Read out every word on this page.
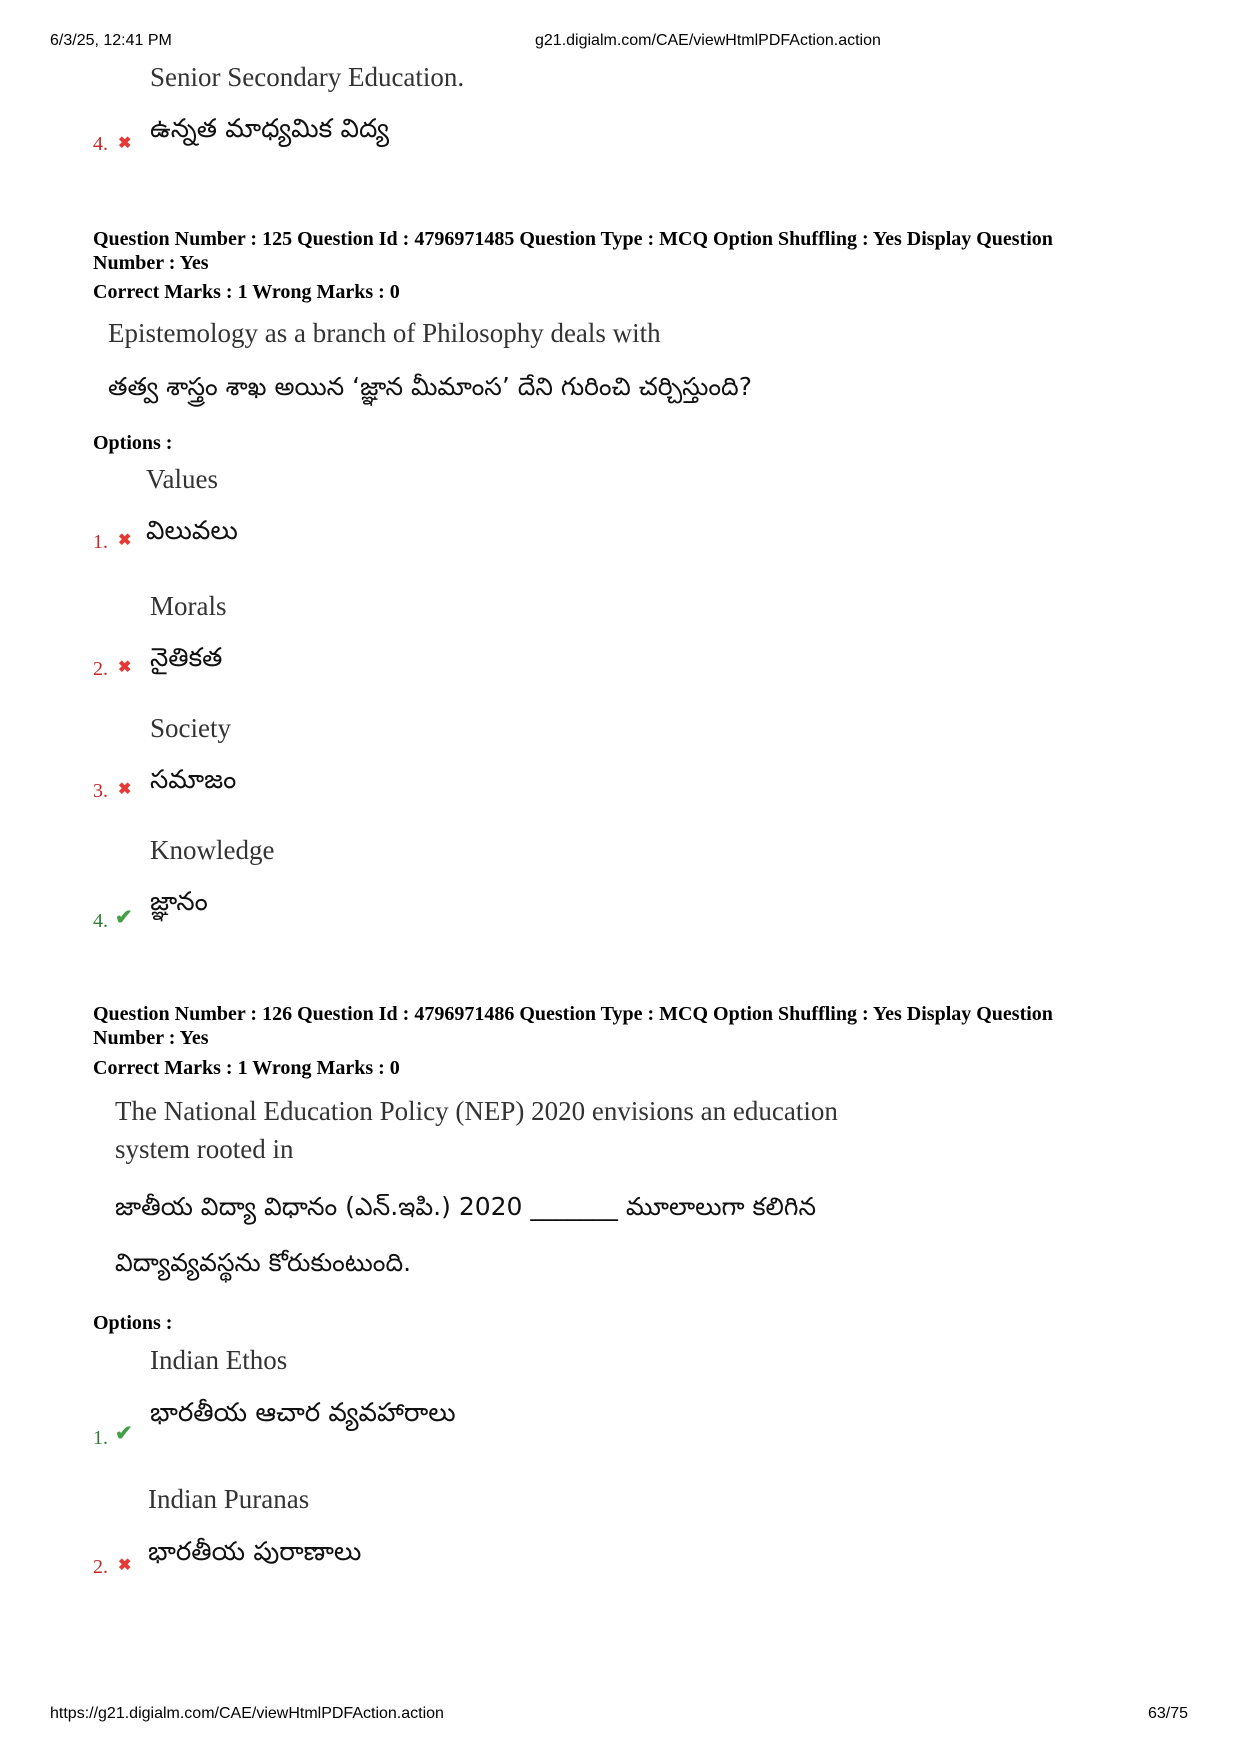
6/3/25, 12:41 PM	g21.digialm.com/CAE/viewHtmlPDFAction.action
Senior Secondary Education.
4. ✖ ఉన్నత మాధ్యమిక విద్య
Question Number : 125 Question Id : 4796971485 Question Type : MCQ Option Shuffling : Yes Display Question
Number : Yes
Correct Marks : 1 Wrong Marks : 0
Epistemology as a branch of Philosophy deals with
తత్వ శాస్త్రం శాఖ అయిన ‘జ్ఞాన మీమాంస’ దేని గురించి చర్చిస్తుంది?
Options :
Values
1. ✖ విలువలు
Morals
2. ✖ నైతికత
Society
3. ✖ సమాజం
Knowledge
4. ✔ జ్ఞానం
Question Number : 126 Question Id : 4796971486 Question Type : MCQ Option Shuffling : Yes Display Question
Number : Yes
Correct Marks : 1 Wrong Marks : 0
The National Education Policy (NEP) 2020 envisions an education
system rooted in
జాతీయ విద్యా విధానం (ఎన్.ఇపి.) 2020 _______ మూలాలుగా కలిగిన
విద్యావ్యవస్థను కోరుకుంటుంది.
Options :
Indian Ethos
1. ✔
భారతీయ ఆచార వ్యవహారాలు
Indian Puranas
2. ✖ భారతీయ పురాణాలు
https://g21.digialm.com/CAE/viewHtmlPDFAction.action	63/75
